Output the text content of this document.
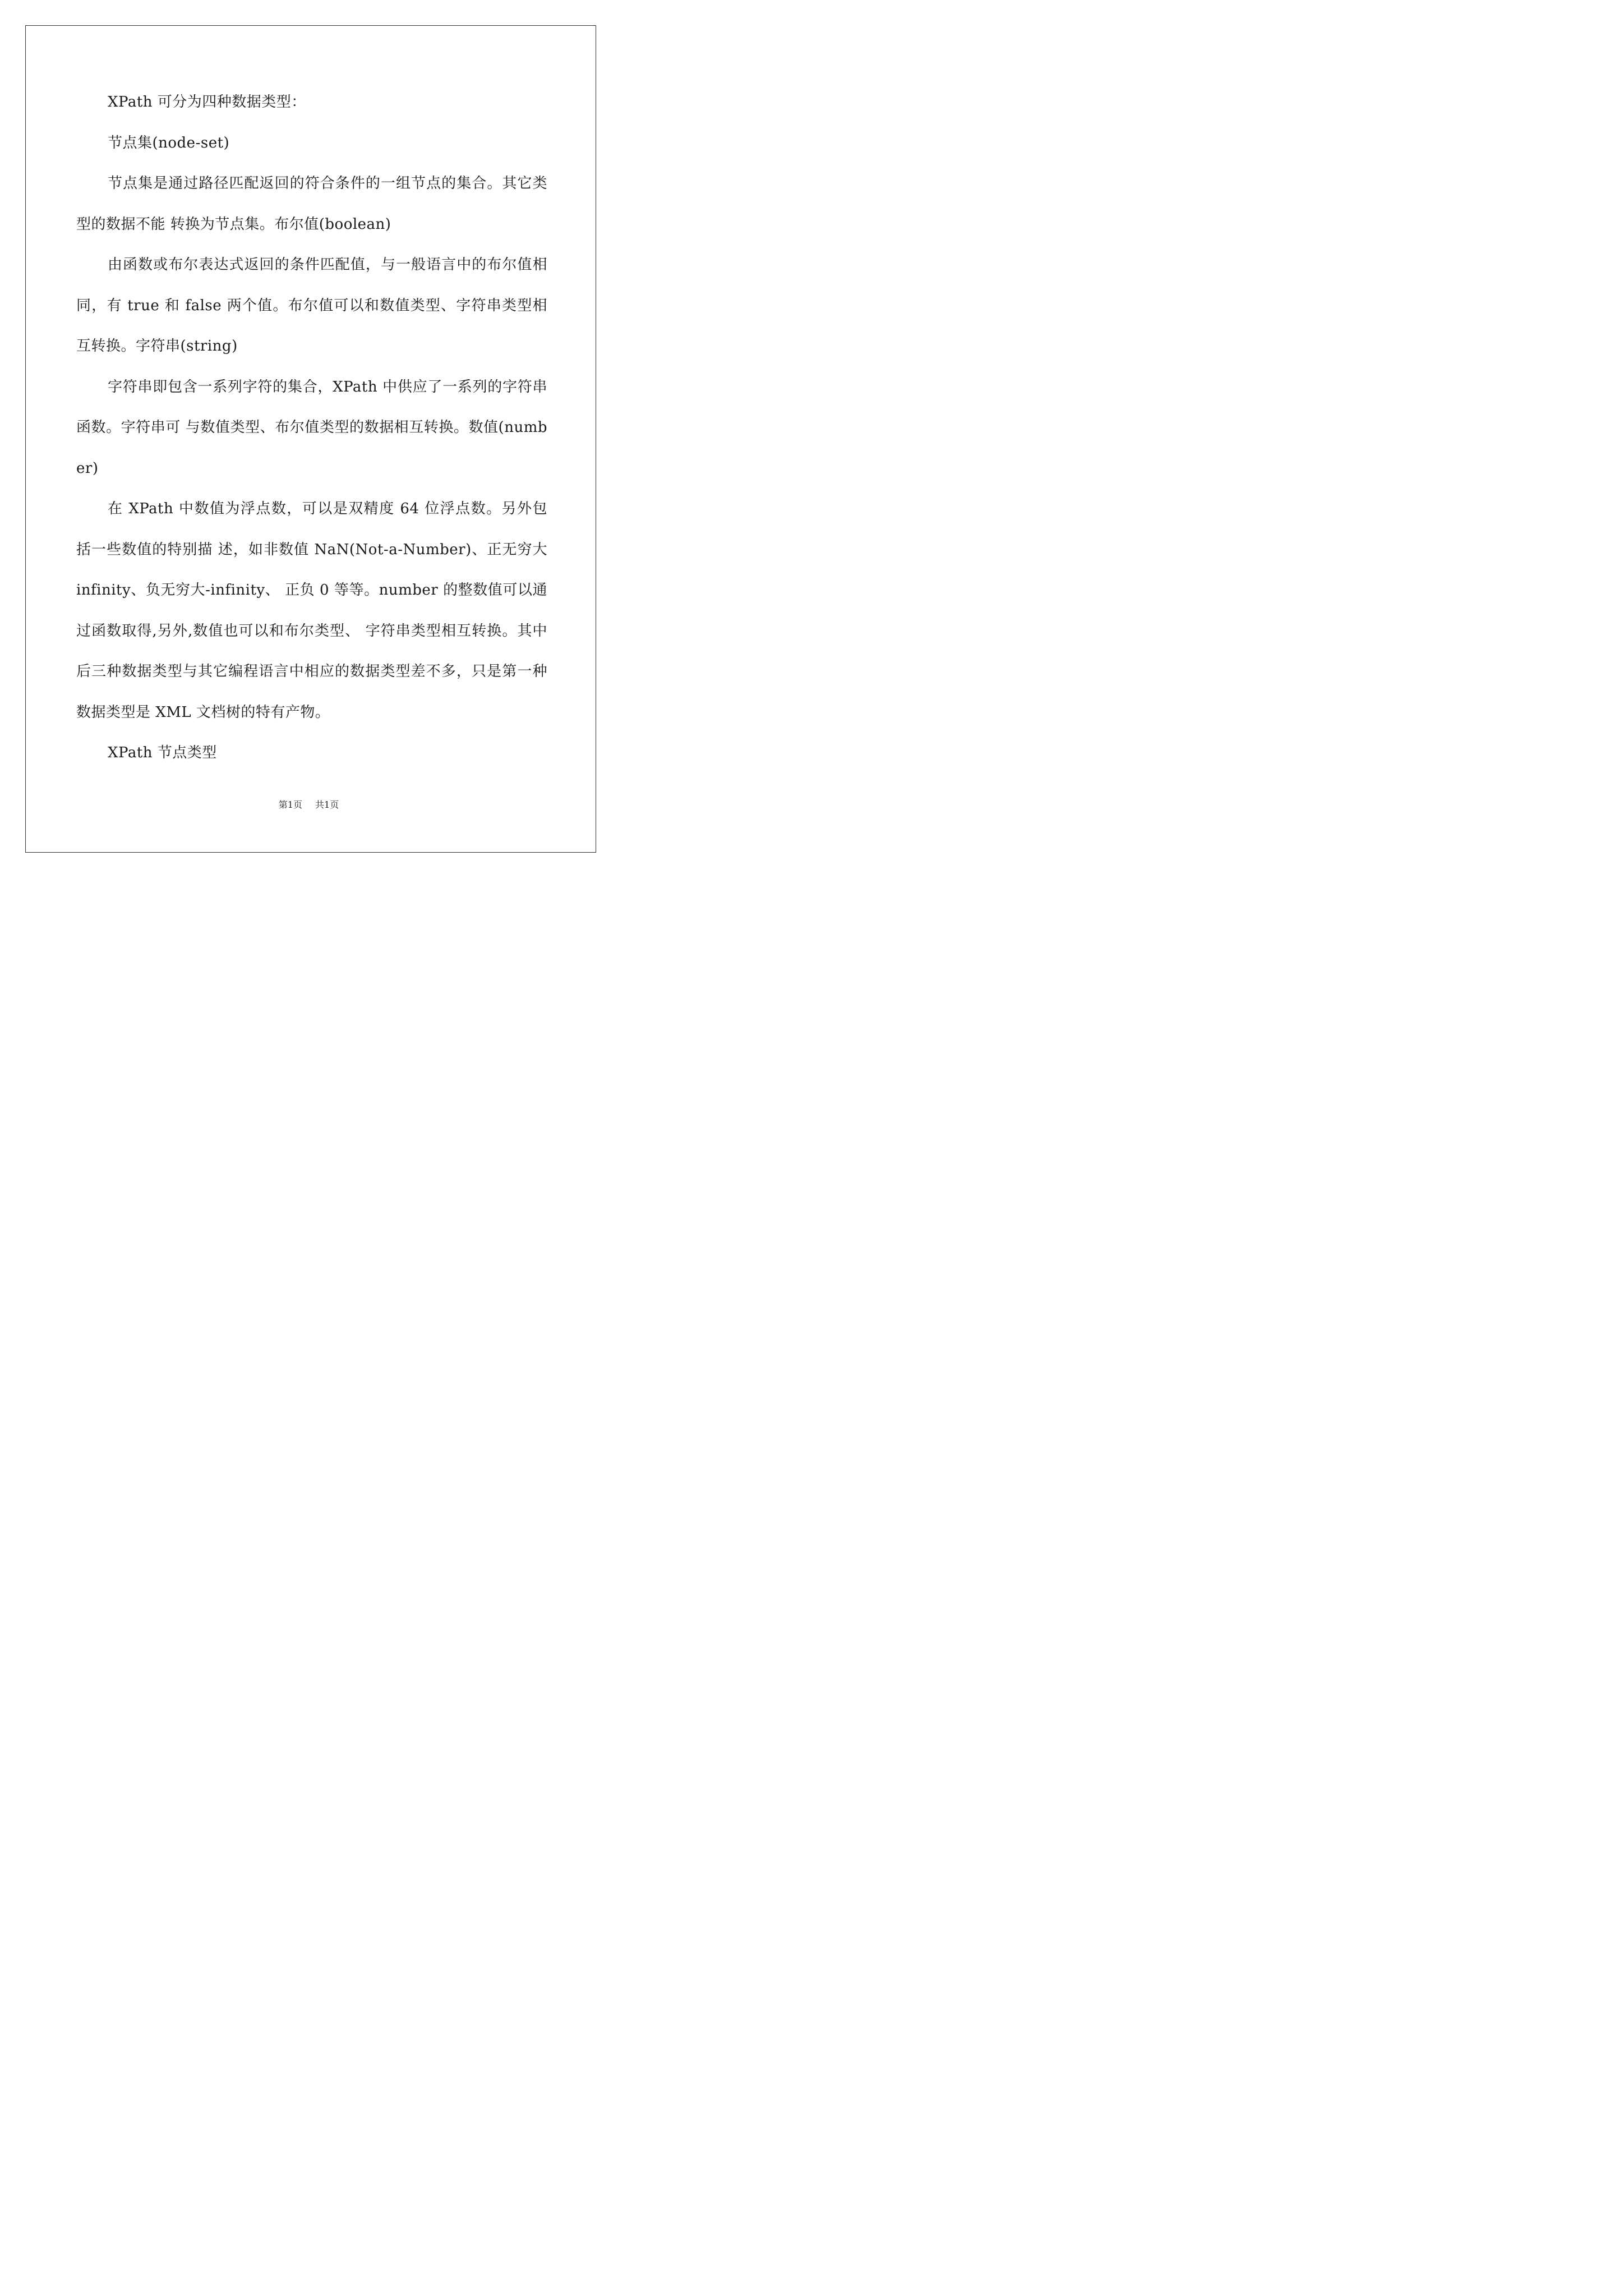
XPath 可分为四种数据类型：

节点集(node-set)

节点集是通过路径匹配返回的符合条件的一组节点的集合。其它类型的数据不能 转换为节点集。布尔值(boolean)

由函数或布尔表达式返回的条件匹配值，与一般语言中的布尔值相同，有 true 和 false 两个值。布尔值可以和数值类型、字符串类型相互转换。字符串(string)

字符串即包含一系列字符的集合，XPath 中供应了一系列的字符串函数。字符串可 与数值类型、布尔值类型的数据相互转换。数值(number)

在 XPath 中数值为浮点数，可以是双精度 64 位浮点数。另外包括一些数值的特别描 述，如非数值 NaN(Not-a-Number)、正无穷大 infinity、负无穷大-infinity、 正负 0 等等。number 的整数值可以通过函数取得,另外,数值也可以和布尔类型、 字符串类型相互转换。其中后三种数据类型与其它编程语言中相应的数据类型差不多，只是第一种数据类型是 XML 文档树的特有产物。

XPath 节点类型

第1页 共1页
